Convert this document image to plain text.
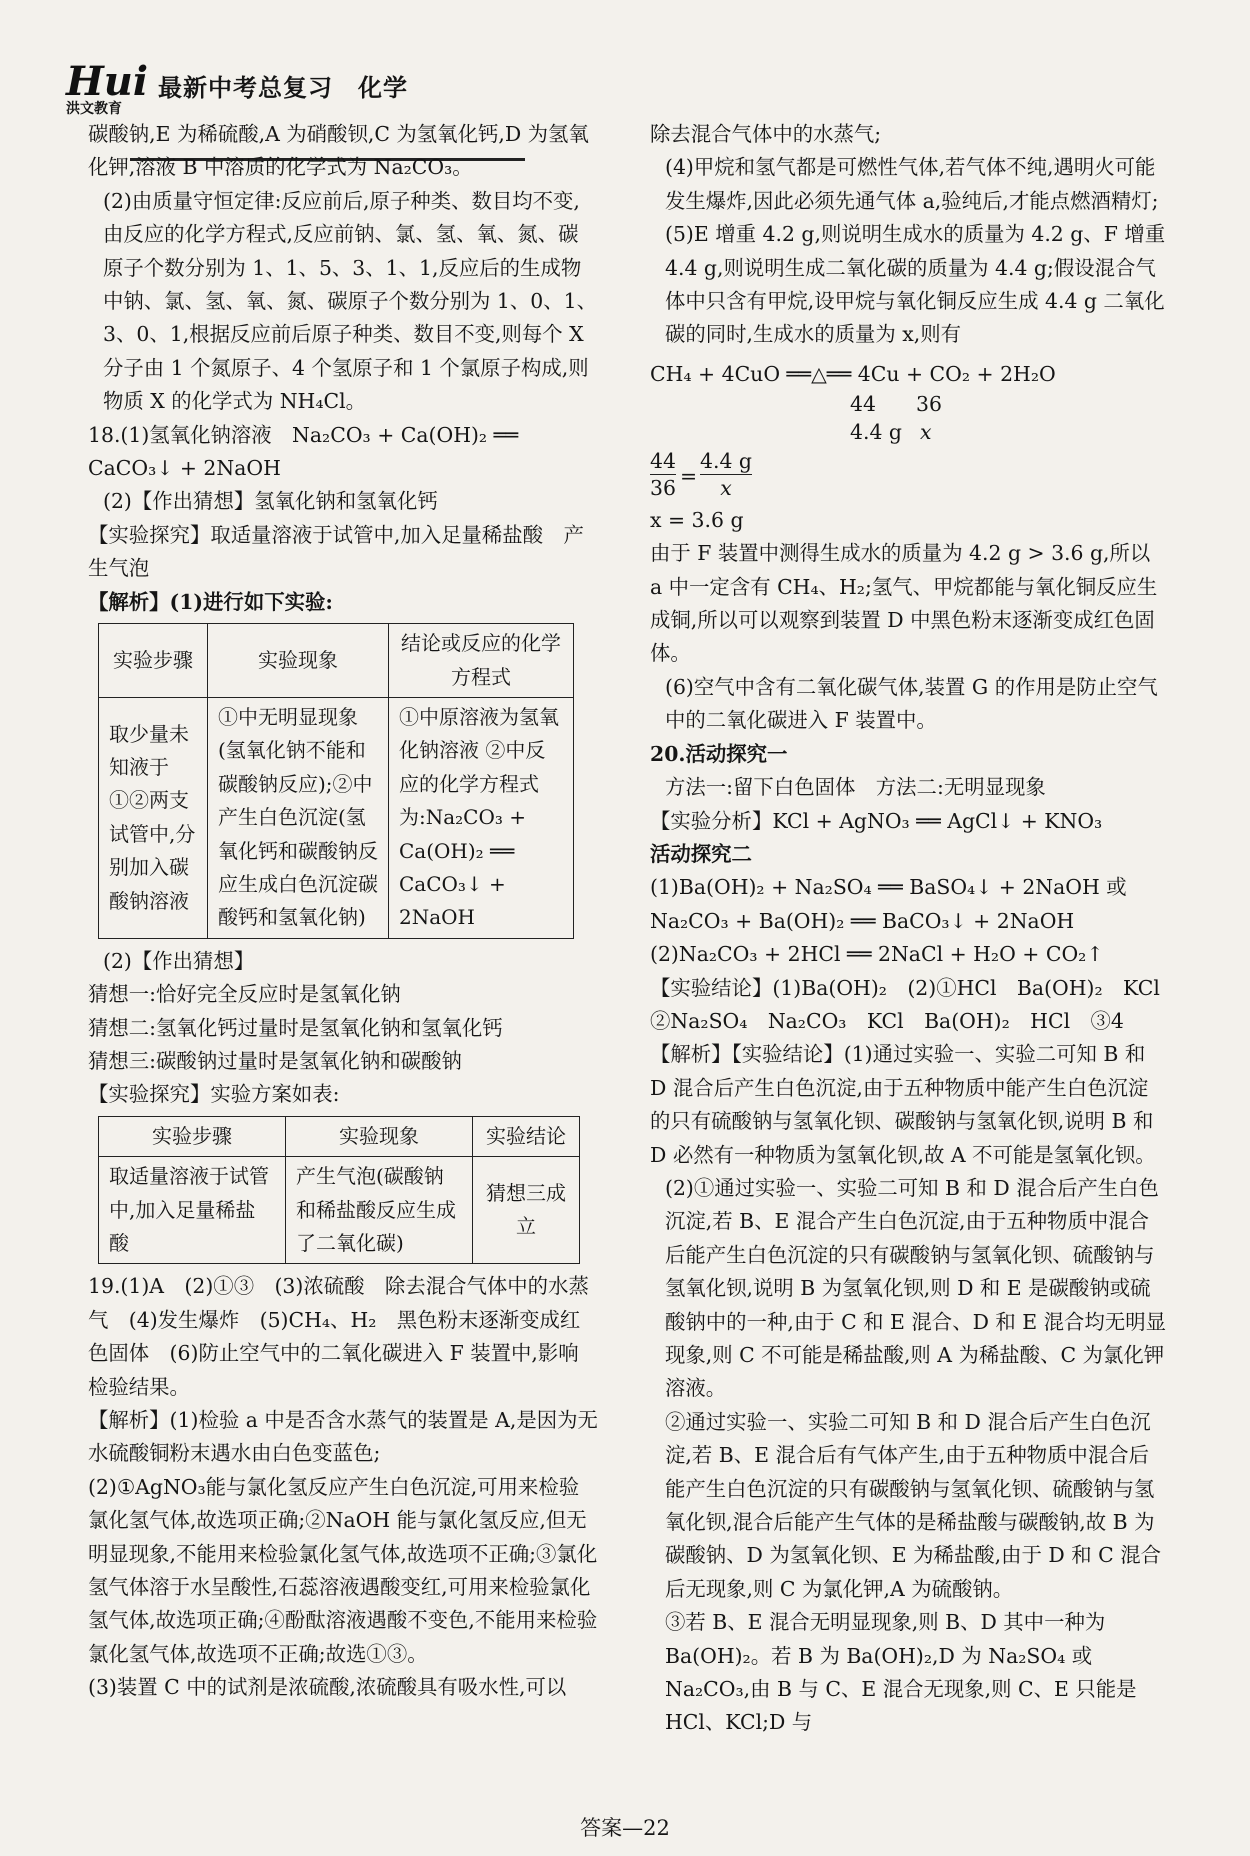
Hui
洪文教育
最新中考总复习　化学

碳酸钠,E 为稀硫酸,A 为硝酸钡,C 为氢氧化钙,D 为氢氧化钾,溶液 B 中溶质的化学式为 Na₂CO₃。

(2)由质量守恒定律:反应前后,原子种类、数目均不变,由反应的化学方程式,反应前钠、氯、氢、氧、氮、碳原子个数分别为 1、1、5、3、1、1,反应后的生成物中钠、氯、氢、氧、氮、碳原子个数分别为 1、0、1、3、0、1,根据反应前后原子种类、数目不变,则每个 X 分子由 1 个氮原子、4 个氢原子和 1 个氯原子构成,则物质 X 的化学式为 NH₄Cl。

18.(1)氢氧化钠溶液　Na₂CO₃ + Ca(OH)₂ ══ CaCO₃↓ + 2NaOH

(2)【作出猜想】氢氧化钠和氢氧化钙

【实验探究】取适量溶液于试管中,加入足量稀盐酸　产生气泡

【解析】(1)进行如下实验:

实验步骤	实验现象	结论或反应的化学方程式
取少量未知液于①②两支试管中,分别加入碳酸钠溶液	①中无明显现象(氢氧化钠不能和碳酸钠反应);②中产生白色沉淀(氢氧化钙和碳酸钠反应生成白色沉淀碳酸钙和氢氧化钠)	①中原溶液为氢氧化钠溶液 ②中反应的化学方程式为:Na₂CO₃ + Ca(OH)₂ ══ CaCO₃↓ + 2NaOH

(2)【作出猜想】

猜想一:恰好完全反应时是氢氧化钠

猜想二:氢氧化钙过量时是氢氧化钠和氢氧化钙

猜想三:碳酸钠过量时是氢氧化钠和碳酸钠

【实验探究】实验方案如表:

实验步骤	实验现象	实验结论
取适量溶液于试管中,加入足量稀盐酸	产生气泡(碳酸钠和稀盐酸反应生成了二氧化碳)	猜想三成立

19.(1)A　(2)①③　(3)浓硫酸　除去混合气体中的水蒸气　(4)发生爆炸　(5)CH₄、H₂　黑色粉末逐渐变成红色固体　(6)防止空气中的二氧化碳进入 F 装置中,影响检验结果。

【解析】(1)检验 a 中是否含水蒸气的装置是 A,是因为无水硫酸铜粉末遇水由白色变蓝色;

(2)①AgNO₃能与氯化氢反应产生白色沉淀,可用来检验氯化氢气体,故选项正确;②NaOH 能与氯化氢反应,但无明显现象,不能用来检验氯化氢气体,故选项不正确;③氯化氢气体溶于水呈酸性,石蕊溶液遇酸变红,可用来检验氯化氢气体,故选项正确;④酚酞溶液遇酸不变色,不能用来检验氯化氢气体,故选项不正确;故选①③。

(3)装置 C 中的试剂是浓硫酸,浓硫酸具有吸水性,可以

除去混合气体中的水蒸气;

(4)甲烷和氢气都是可燃性气体,若气体不纯,遇明火可能发生爆炸,因此必须先通气体 a,验纯后,才能点燃酒精灯;

(5)E 增重 4.2 g,则说明生成水的质量为 4.2 g、F 增重 4.4 g,则说明生成二氧化碳的质量为 4.4 g;假设混合气体中只含有甲烷,设甲烷与氧化铜反应生成 4.4 g 二氧化碳的同时,生成水的质量为 x,则有

CH₄ + 4CuO ══△══ 4Cu + CO₂ + 2H₂O

44 36
4.4 g x
$\frac{44}{36} = \frac{4.4 g}{x}$

x = 3.6 g

由于 F 装置中测得生成水的质量为 4.2 g > 3.6 g,所以 a 中一定含有 CH₄、H₂;氢气、甲烷都能与氧化铜反应生成铜,所以可以观察到装置 D 中黑色粉末逐渐变成红色固体。

(6)空气中含有二氧化碳气体,装置 G 的作用是防止空气中的二氧化碳进入 F 装置中。

20.活动探究一

方法一:留下白色固体　方法二:无明显现象

【实验分析】KCl + AgNO₃ ══ AgCl↓ + KNO₃

活动探究二

(1)Ba(OH)₂ + Na₂SO₄ ══ BaSO₄↓ + 2NaOH 或 Na₂CO₃ + Ba(OH)₂ ══ BaCO₃↓ + 2NaOH

(2)Na₂CO₃ + 2HCl ══ 2NaCl + H₂O + CO₂↑

【实验结论】(1)Ba(OH)₂　(2)①HCl　Ba(OH)₂　KCl　②Na₂SO₄　Na₂CO₃　KCl　Ba(OH)₂　HCl　③4

【解析】【实验结论】(1)通过实验一、实验二可知 B 和 D 混合后产生白色沉淀,由于五种物质中能产生白色沉淀的只有硫酸钠与氢氧化钡、碳酸钠与氢氧化钡,说明 B 和 D 必然有一种物质为氢氧化钡,故 A 不可能是氢氧化钡。

(2)①通过实验一、实验二可知 B 和 D 混合后产生白色沉淀,若 B、E 混合产生白色沉淀,由于五种物质中混合后能产生白色沉淀的只有碳酸钠与氢氧化钡、硫酸钠与氢氧化钡,说明 B 为氢氧化钡,则 D 和 E 是碳酸钠或硫酸钠中的一种,由于 C 和 E 混合、D 和 E 混合均无明显现象,则 C 不可能是稀盐酸,则 A 为稀盐酸、C 为氯化钾溶液。

②通过实验一、实验二可知 B 和 D 混合后产生白色沉淀,若 B、E 混合后有气体产生,由于五种物质中混合后能产生白色沉淀的只有碳酸钠与氢氧化钡、硫酸钠与氢氧化钡,混合后能产生气体的是稀盐酸与碳酸钠,故 B 为碳酸钠、D 为氢氧化钡、E 为稀盐酸,由于 D 和 C 混合后无现象,则 C 为氯化钾,A 为硫酸钠。

③若 B、E 混合无明显现象,则 B、D 其中一种为 Ba(OH)₂。若 B 为 Ba(OH)₂,D 为 Na₂SO₄ 或 Na₂CO₃,由 B 与 C、E 混合无现象,则 C、E 只能是 HCl、KCl;D 与

答案—22
